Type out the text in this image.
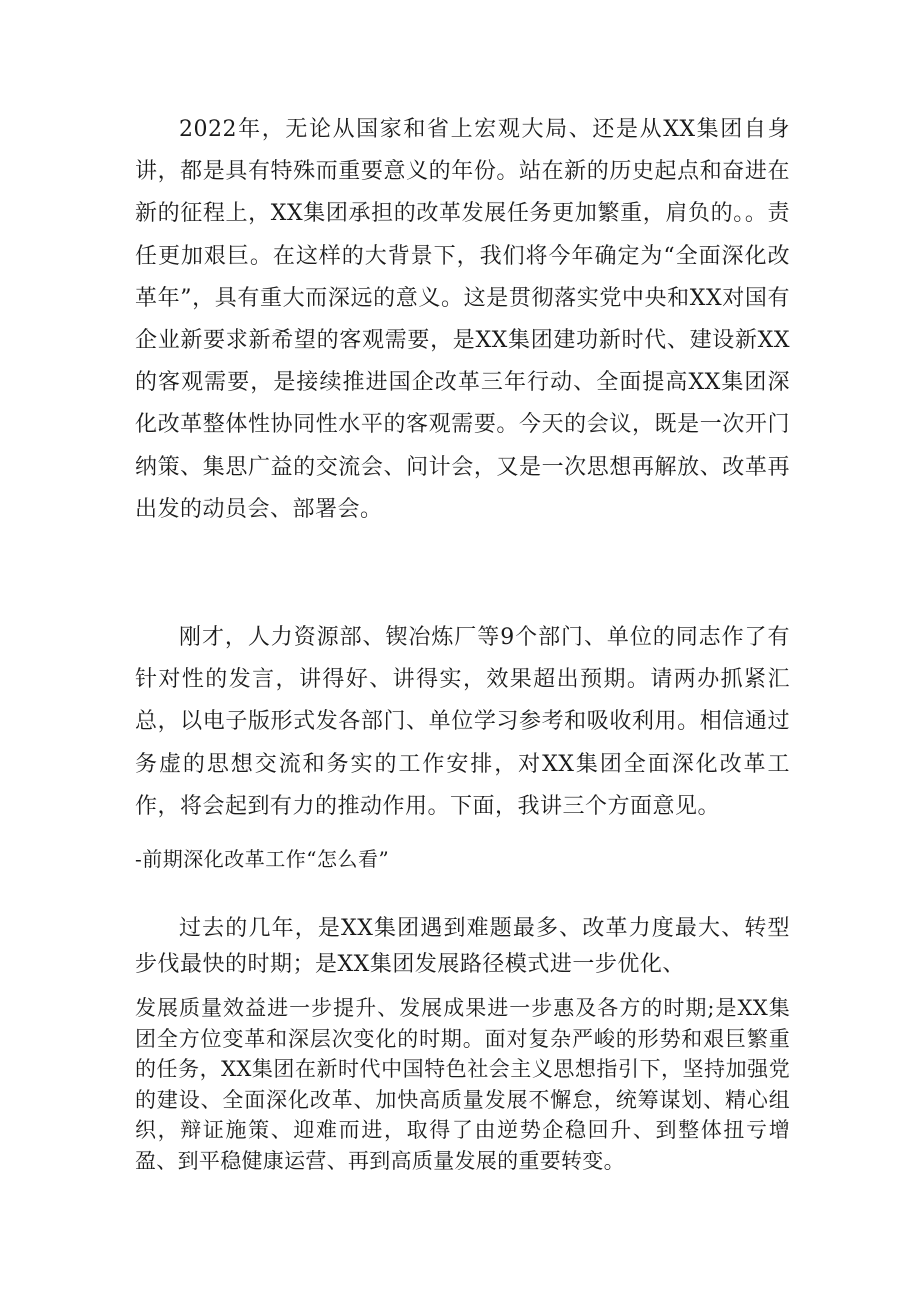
2022年，无论从国家和省上宏观大局、还是从XX集团自身讲，都是具有特殊而重要意义的年份。站在新的历史起点和奋进在新的征程上，XX集团承担的改革发展任务更加繁重，肩负的。。责任更加艰巨。在这样的大背景下，我们将今年确定为“全面深化改革年”，具有重大而深远的意义。这是贯彻落实党中央和XX对国有企业新要求新希望的客观需要，是XX集团建功新时代、建设新XX的客观需要，是接续推进国企改革三年行动、全面提高XX集团深化改革整体性协同性水平的客观需要。今天的会议，既是一次开门纳策、集思广益的交流会、问计会，又是一次思想再解放、改革再出发的动员会、部署会。

刚才，人力资源部、锲冶炼厂等9个部门、单位的同志作了有针对性的发言，讲得好、讲得实，效果超出预期。请两办抓紧汇总，以电子版形式发各部门、单位学习参考和吸收利用。相信通过务虚的思想交流和务实的工作安排，对XX集团全面深化改革工作，将会起到有力的推动作用。下面，我讲三个方面意见。

-前期深化改革工作“怎么看”

过去的几年，是XX集团遇到难题最多、改革力度最大、转型步伐最快的时期；是XX集团发展路径模式进一步优化、

发展质量效益进一步提升、发展成果进一步惠及各方的时期;是XX集团全方位变革和深层次变化的时期。面对复杂严峻的形势和艰巨繁重的任务，XX集团在新时代中国特色社会主义思想指引下，坚持加强党的建设、全面深化改革、加快高质量发展不懈怠，统筹谋划、精心组织，辩证施策、迎难而进，取得了由逆势企稳回升、到整体扭亏增盈、到平稳健康运营、再到高质量发展的重要转变。
